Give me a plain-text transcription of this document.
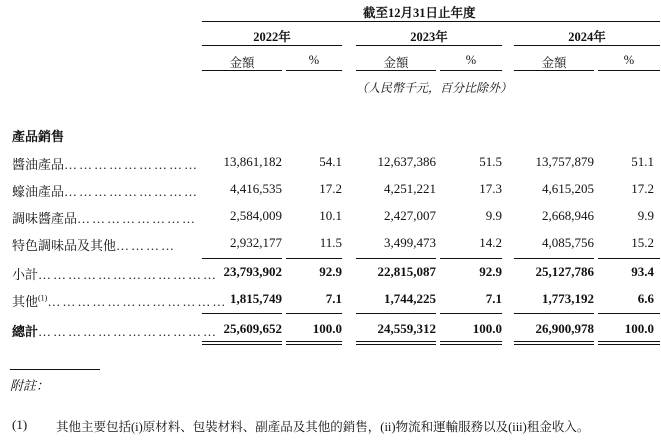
截至12月31日止年度
2022年	2023年	2024年
金額	%	金額	%	金額	%
（人民幣千元，百分比除外）
產品銷售
醬油產品………………………	13,861,182	54.1	12,637,386	51.5	13,757,879	51.1
蠔油產品………………………	4,416,535	17.2	4,251,221	17.3	4,615,205	17.2
調味醬產品……………………	2,584,009	10.1	2,427,007	9.9	2,668,946	9.9
特色調味品及其他…………	2,932,177	11.5	3,499,473	14.2	4,085,756	15.2
小計……………………………… 23,793,902	92.9	22,815,087	92.9	25,127,786	93.4
其他$^{(1)}$……………………………… 1,815,749	7.1	1,744,225	7.1	1,773,192	6.6
總計……………………………… 25,609,652	100.0	24,559,312	100.0	26,900,978	100.0
附註：
(1) 其他主要包括(i)原材料、包裝材料、副產品及其他的銷售，(ii)物流和運輸服務以及(iii)租金收入。
